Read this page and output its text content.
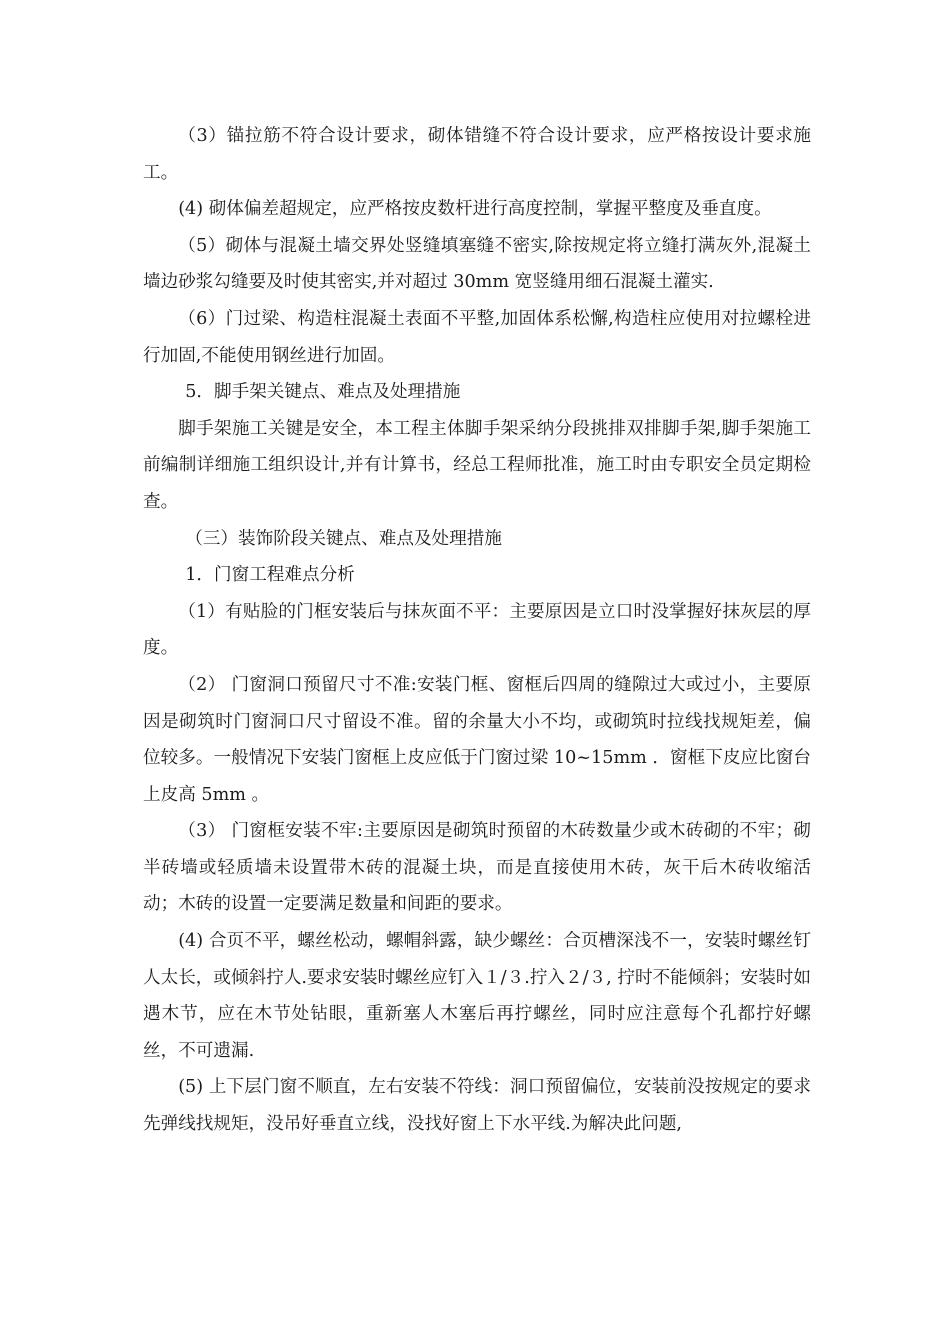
（3）锚拉筋不符合设计要求，砌体错缝不符合设计要求，应严格按设计要求施工。

(4) 砌体偏差超规定，应严格按皮数杆进行高度控制，掌握平整度及垂直度。

（5）砌体与混凝土墙交界处竖缝填塞缝不密实,除按规定将立缝打满灰外,混凝土墙边砂浆勾缝要及时使其密实,并对超过 30mm 宽竖缝用细石混凝土灌实.

（6）门过梁、构造柱混凝土表面不平整,加固体系松懈,构造柱应使用对拉螺栓进行加固,不能使用钢丝进行加固。

5．脚手架关键点、难点及处理措施

脚手架施工关键是安全，本工程主体脚手架采纳分段挑排双排脚手架,脚手架施工前编制详细施工组织设计,并有计算书，经总工程师批准，施工时由专职安全员定期检查。

（三）装饰阶段关键点、难点及处理措施

1．门窗工程难点分析

（1）有贴脸的门框安装后与抹灰面不平：主要原因是立口时没掌握好抹灰层的厚度。

（2） 门窗洞口预留尺寸不准:安装门框、窗框后四周的缝隙过大或过小，主要原因是砌筑时门窗洞口尺寸留设不准。留的余量大小不均，或砌筑时拉线找规矩差，偏位较多。一般情况下安装门窗框上皮应低于门窗过梁 10~15mm ．窗框下皮应比窗台上皮高 5mm 。

（3） 门窗框安装不牢:主要原因是砌筑时预留的木砖数量少或木砖砌的不牢；砌半砖墙或轻质墙未设置带木砖的混凝土块，而是直接使用木砖，灰干后木砖收缩活动；木砖的设置一定要满足数量和间距的要求。

(4) 合页不平，螺丝松动，螺帽斜露，缺少螺丝：合页槽深浅不一，安装时螺丝钉人太长，或倾斜拧人.要求安装时螺丝应钉入１/３.拧入２/３, 拧时不能倾斜；安装时如遇木节，应在木节处钻眼，重新塞人木塞后再拧螺丝，同时应注意每个孔都拧好螺丝，不可遗漏.

(5) 上下层门窗不顺直，左右安装不符线：洞口预留偏位，安装前没按规定的要求先弹线找规矩，没吊好垂直立线，没找好窗上下水平线.为解决此问题,
